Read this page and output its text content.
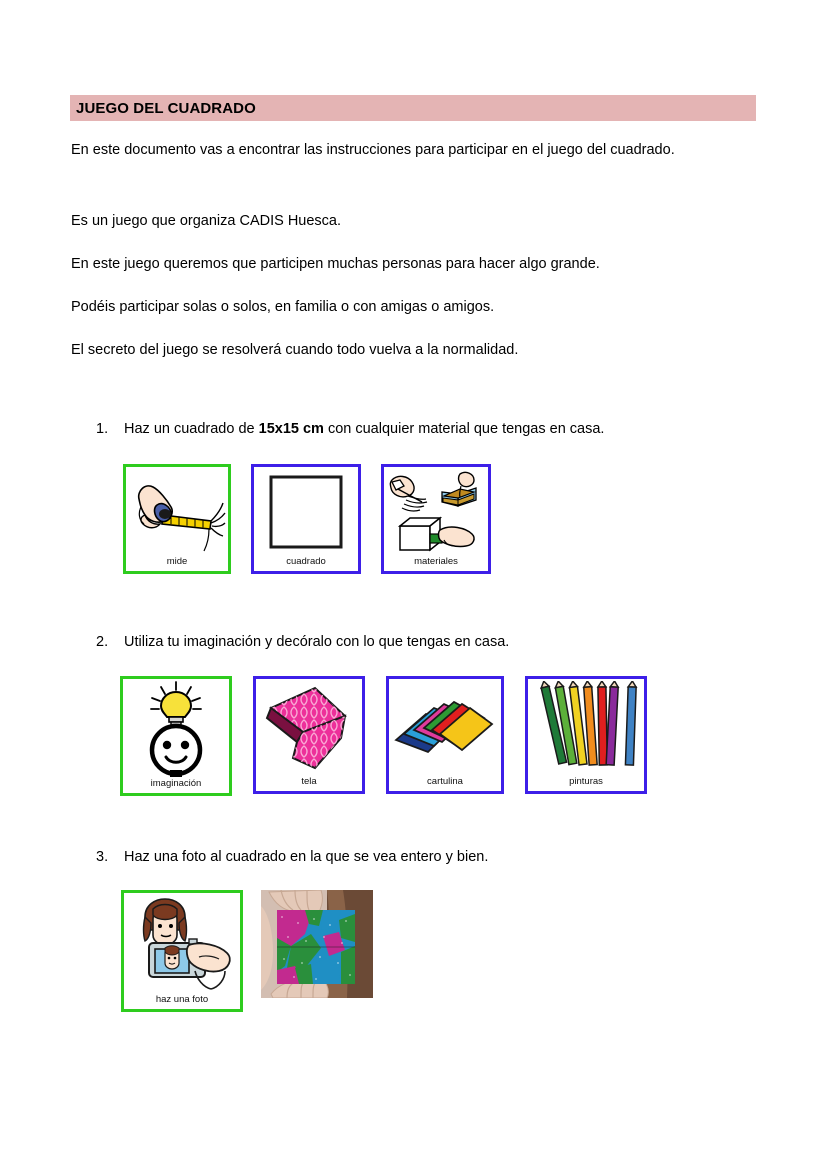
JUEGO DEL CUADRADO
En este documento vas a encontrar las instrucciones para participar en el juego del cuadrado.
Es un juego que organiza CADIS Huesca.
En este juego queremos que participen muchas personas para hacer algo grande.
Podéis participar solas o solos, en familia o con amigas o amigos.
El secreto del juego se resolverá cuando todo vuelva a la normalidad.
1.	Haz un cuadrado de 15x15 cm con cualquier material que tengas en casa.
mide	cuadrado	materiales
2.	Utiliza tu imaginación y decóralo con lo que tengas en casa.
imaginación	tela	cartulina	pinturas
3.	Haz una foto al cuadrado en la que se vea entero y bien.
haz una foto
